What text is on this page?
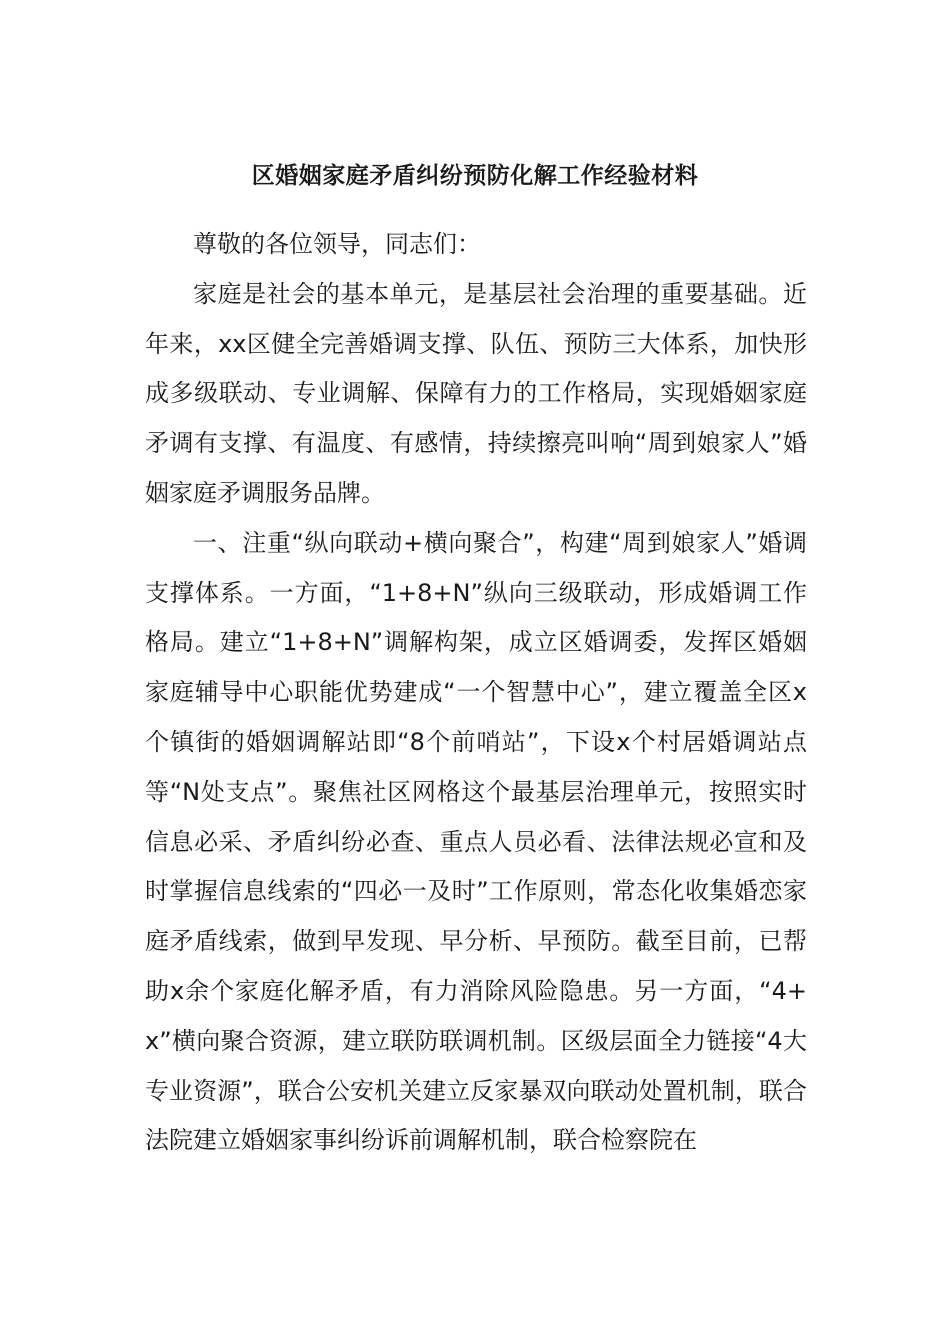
区婚姻家庭矛盾纠纷预防化解工作经验材料

尊敬的各位领导，同志们：

家庭是社会的基本单元，是基层社会治理的重要基础。近年来，xx区健全完善婚调支撑、队伍、预防三大体系，加快形成多级联动、专业调解、保障有力的工作格局，实现婚姻家庭矛调有支撑、有温度、有感情，持续擦亮叫响“周到娘家人”婚姻家庭矛调服务品牌。

一、注重“纵向联动+横向聚合”，构建“周到娘家人”婚调支撑体系。一方面，“1+8+N”纵向三级联动，形成婚调工作格局。建立“1+8+N”调解构架，成立区婚调委，发挥区婚姻家庭辅导中心职能优势建成“一个智慧中心”，建立覆盖全区x个镇街的婚姻调解站即“8个前哨站”，下设x个村居婚调站点等“N处支点”。聚焦社区网格这个最基层治理单元，按照实时信息必采、矛盾纠纷必查、重点人员必看、法律法规必宣和及时掌握信息线索的“四必一及时”工作原则，常态化收集婚恋家庭矛盾线索，做到早发现、早分析、早预防。截至目前，已帮助x余个家庭化解矛盾，有力消除风险隐患。另一方面，“4+x”横向聚合资源，建立联防联调机制。区级层面全力链接“4大专业资源”，联合公安机关建立反家暴双向联动处置机制，联合法院建立婚姻家事纠纷诉前调解机制，联合检察院在
